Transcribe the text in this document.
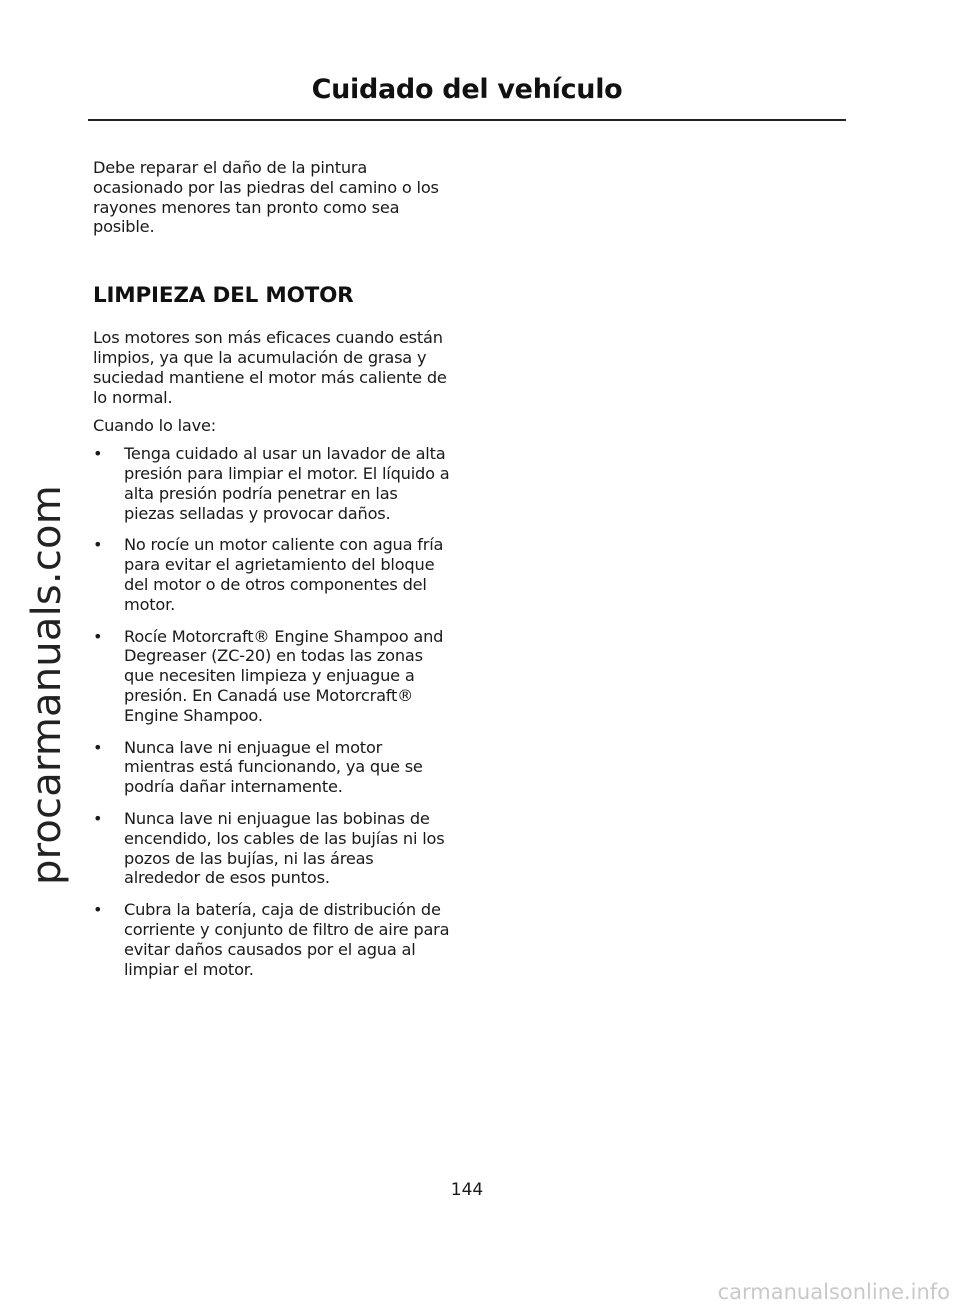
Cuidado del vehículo
procarmanuals.com

Debe reparar el daño de la pintura ocasionado por las piedras del camino o los rayones menores tan pronto como sea posible.

LIMPIEZA DEL MOTOR

Los motores son más eficaces cuando están limpios, ya que la acumulación de grasa y suciedad mantiene el motor más caliente de lo normal.

Cuando lo lave:

• Tenga cuidado al usar un lavador de alta presión para limpiar el motor. El líquido a alta presión podría penetrar en las piezas selladas y provocar daños.
• No rocíe un motor caliente con agua fría para evitar el agrietamiento del bloque del motor o de otros componentes del motor.
• Rocíe Motorcraft® Engine Shampoo and Degreaser (ZC-20) en todas las zonas que necesiten limpieza y enjuague a presión. En Canadá use Motorcraft® Engine Shampoo.
• Nunca lave ni enjuague el motor mientras está funcionando, ya que se podría dañar internamente.
• Nunca lave ni enjuague las bobinas de encendido, los cables de las bujías ni los pozos de las bujías, ni las áreas alrededor de esos puntos.
• Cubra la batería, caja de distribución de corriente y conjunto de filtro de aire para evitar daños causados por el agua al limpiar el motor.
144
carmanualsonline.info
